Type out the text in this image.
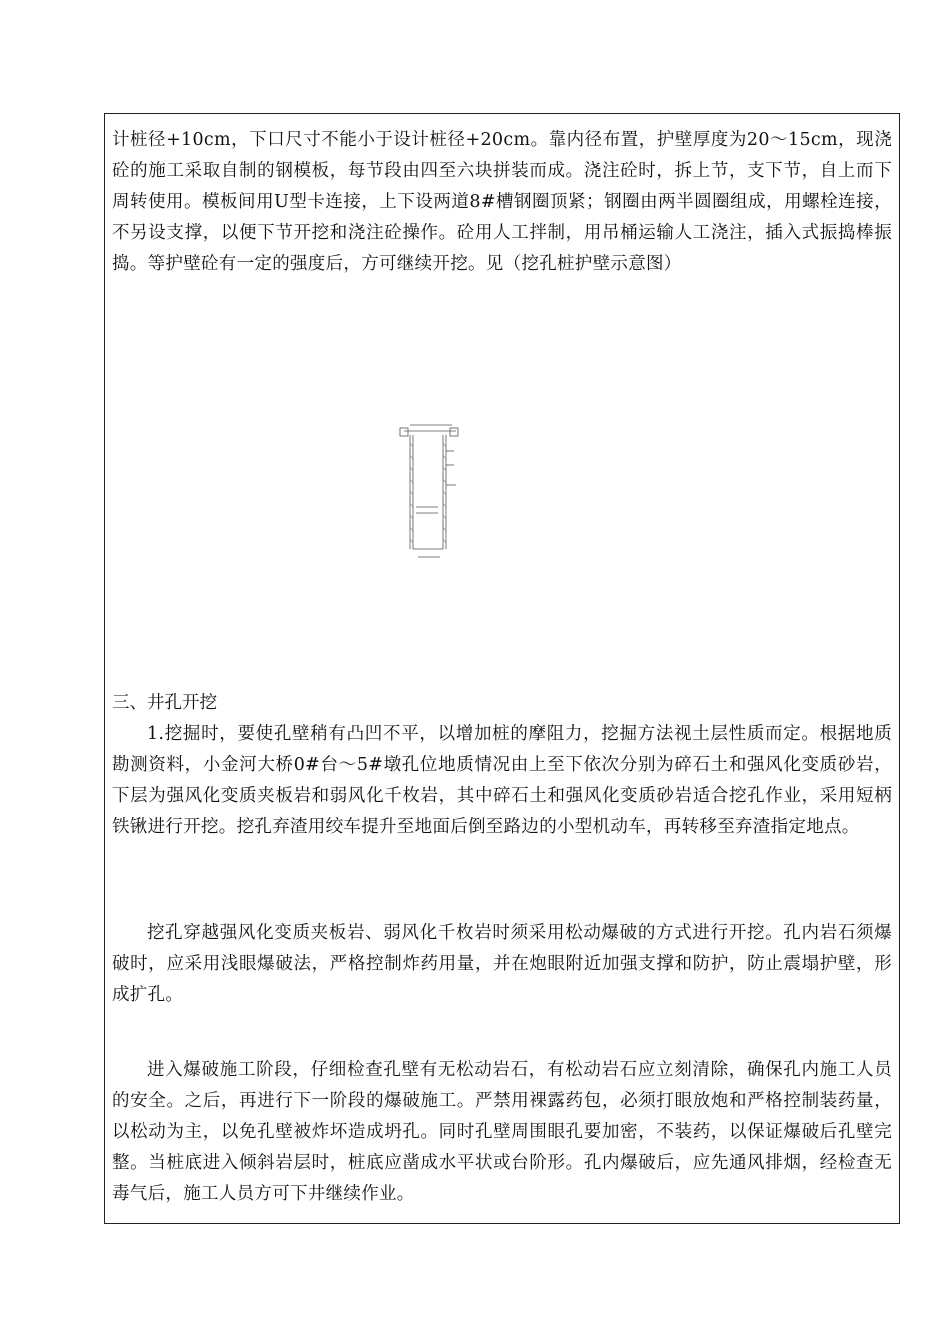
计桩径+10cm，下口尺寸不能小于设计桩径+20cm。靠内径布置，护壁厚度为20～15cm，现浇砼的施工采取自制的钢模板，每节段由四至六块拼装而成。浇注砼时，拆上节，支下节，自上而下周转使用。模板间用U型卡连接，上下设两道8#槽钢圈顶紧；钢圈由两半圆圈组成，用螺栓连接，不另设支撑，以便下节开挖和浇注砼操作。砼用人工拌制，用吊桶运输人工浇注，插入式振捣棒振捣。等护壁砼有一定的强度后，方可继续开挖。见（挖孔桩护壁示意图）

三、井孔开挖

1.挖掘时，要使孔壁稍有凸凹不平，以增加桩的摩阻力，挖掘方法视土层性质而定。根据地质勘测资料，小金河大桥0#台～5#墩孔位地质情况由上至下依次分别为碎石土和强风化变质砂岩，下层为强风化变质夹板岩和弱风化千枚岩，其中碎石土和强风化变质砂岩适合挖孔作业，采用短柄铁锹进行开挖。挖孔弃渣用绞车提升至地面后倒至路边的小型机动车，再转移至弃渣指定地点。

挖孔穿越强风化变质夹板岩、弱风化千枚岩时须采用松动爆破的方式进行开挖。孔内岩石须爆破时，应采用浅眼爆破法，严格控制炸药用量，并在炮眼附近加强支撑和防护，防止震塌护壁，形成扩孔。

进入爆破施工阶段，仔细检查孔壁有无松动岩石，有松动岩石应立刻清除，确保孔内施工人员的安全。之后，再进行下一阶段的爆破施工。严禁用裸露药包，必须打眼放炮和严格控制装药量，以松动为主，以免孔壁被炸坏造成坍孔。同时孔壁周围眼孔要加密，不装药，以保证爆破后孔壁完整。当桩底进入倾斜岩层时，桩底应凿成水平状或台阶形。孔内爆破后，应先通风排烟，经检查无毒气后，施工人员方可下井继续作业。
